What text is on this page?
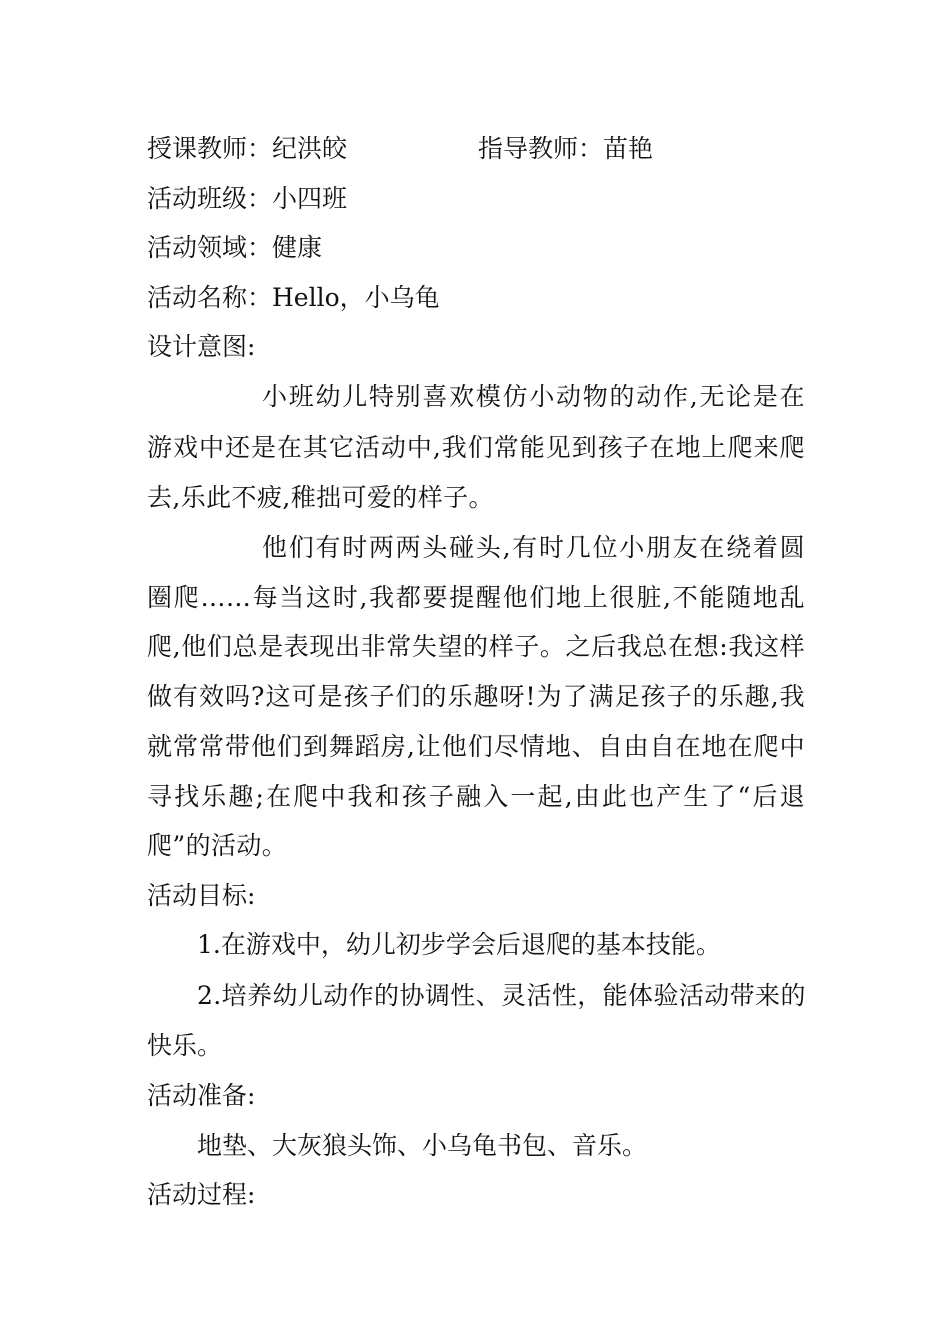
授课教师：纪洪皎	指导教师：苗艳
活动班级：小四班
活动领域：健康
活动名称：Hello，小乌龟
设计意图:
小班幼儿特别喜欢模仿小动物的动作,无论是在
游戏中还是在其它活动中,我们常能见到孩子在地上爬来爬
去,乐此不疲,稚拙可爱的样子。
他们有时两两头碰头,有时几位小朋友在绕着圆
圈爬……每当这时,我都要提醒他们地上很脏,不能随地乱
爬,他们总是表现出非常失望的样子。之后我总在想:我这样
做有效吗?这可是孩子们的乐趣呀!为了满足孩子的乐趣,我
就常常带他们到舞蹈房,让他们尽情地、自由自在地在爬中
寻找乐趣;在爬中我和孩子融入一起,由此也产生了“后退
爬”的活动。
活动目标:
1.在游戏中，幼儿初步学会后退爬的基本技能。
2.培养幼儿动作的协调性、灵活性，能体验活动带来的
快乐。
活动准备:
地垫、大灰狼头饰、小乌龟书包、音乐。
活动过程:
